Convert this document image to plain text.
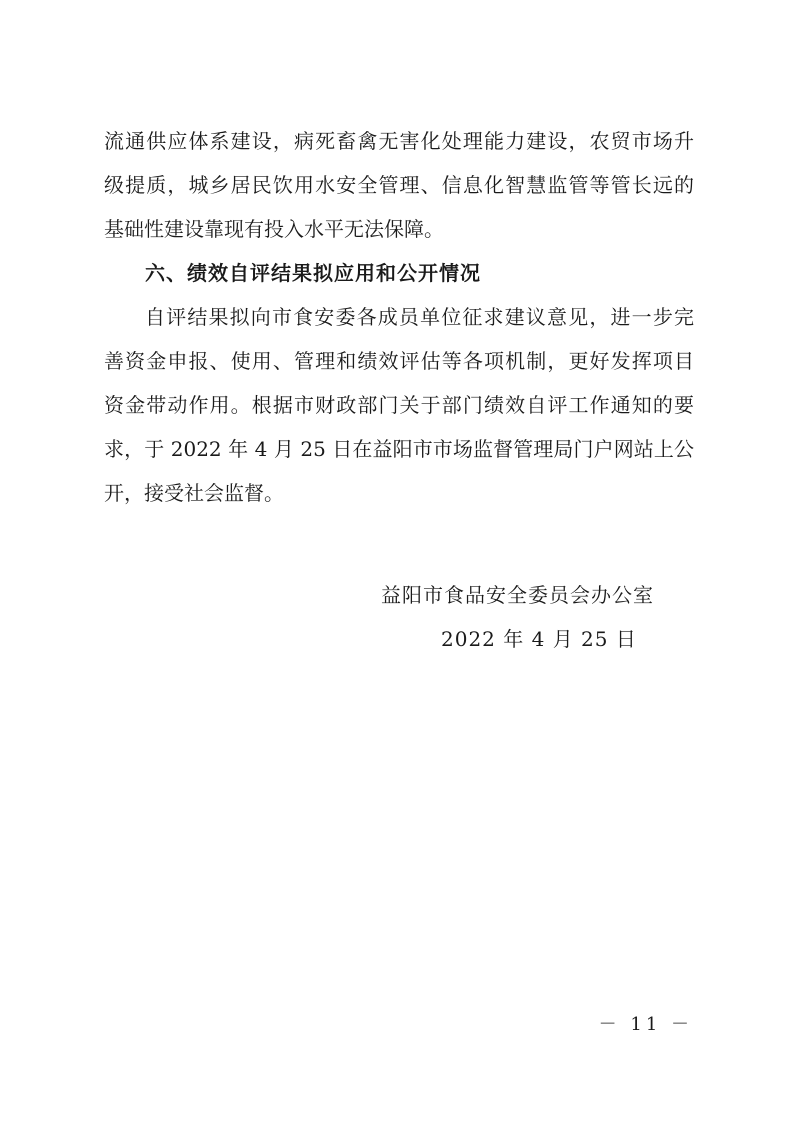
流通供应体系建设，病死畜禽无害化处理能力建设，农贸市场升
级提质，城乡居民饮用水安全管理、信息化智慧监管等管长远的
基础性建设靠现有投入水平无法保障。
六、绩效自评结果拟应用和公开情况
自评结果拟向市食安委各成员单位征求建议意见，进一步完
善资金申报、使用、管理和绩效评估等各项机制，更好发挥项目
资金带动作用。根据市财政部门关于部门绩效自评工作通知的要
求，于 2022 年 4 月 25 日在益阳市市场监督管理局门户网站上公
开，接受社会监督。
益阳市食品安全委员会办公室
2022 年 4 月 25 日
－ 11 －
